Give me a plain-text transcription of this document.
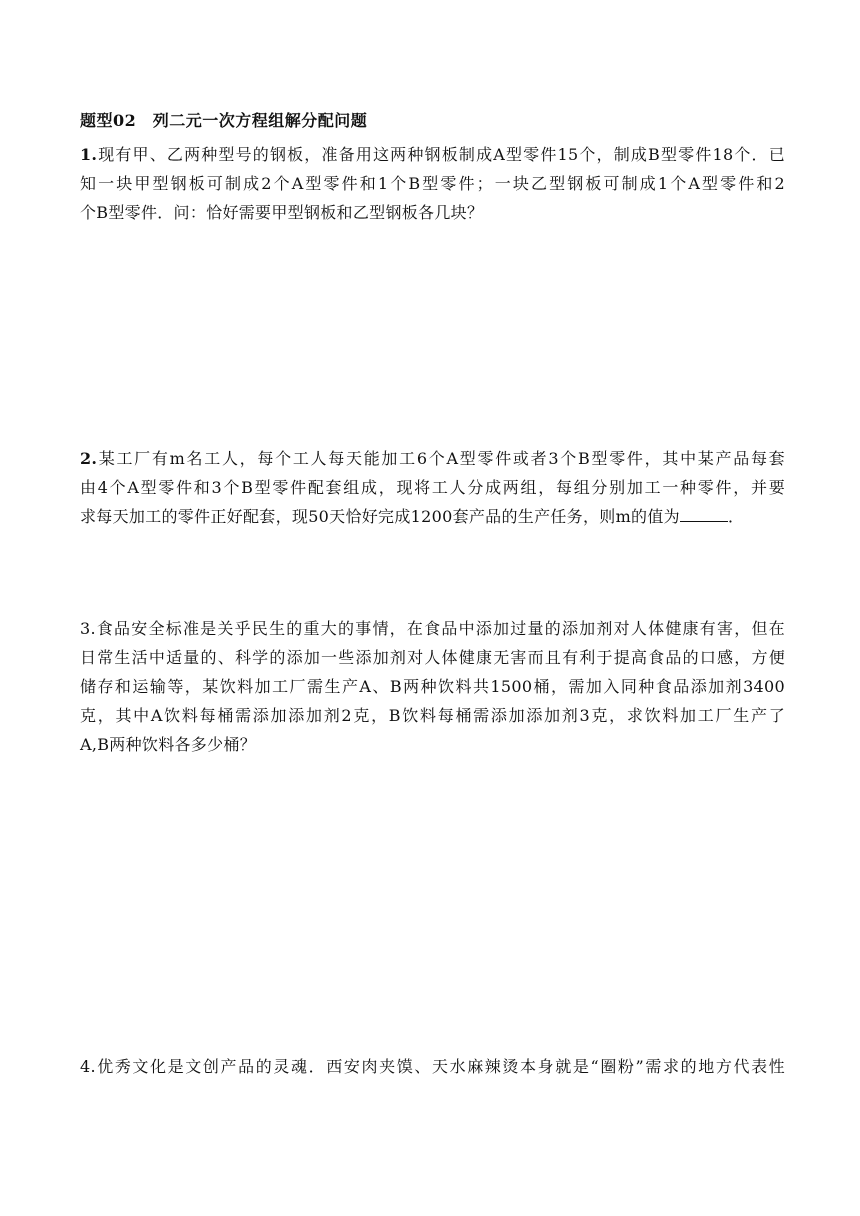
题型02　列二元一次方程组解分配问题
1.现有甲、乙两种型号的钢板，准备用这两种钢板制成A型零件15个，制成B型零件18个．已
知一块甲型钢板可制成2个A型零件和1个B型零件；一块乙型钢板可制成1个A型零件和2
个B型零件．问：恰好需要甲型钢板和乙型钢板各几块？
2.某工厂有m名工人，每个工人每天能加工6个A型零件或者3个B型零件，其中某产品每套
由4个A型零件和3个B型零件配套组成，现将工人分成两组，每组分别加工一种零件，并要
求每天加工的零件正好配套，现50天恰好完成1200套产品的生产任务，则m的值为	．
3.食品安全标准是关乎民生的重大的事情，在食品中添加过量的添加剂对人体健康有害，但在
日常生活中适量的、科学的添加一些添加剂对人体健康无害而且有利于提高食品的口感，方便
储存和运输等，某饮料加工厂需生产A、B两种饮料共1500桶，需加入同种食品添加剂3400
克，其中A饮料每桶需添加添加剂2克，B饮料每桶需添加添加剂3克，求饮料加工厂生产了
A,B两种饮料各多少桶？
4.优秀文化是文创产品的灵魂．西安肉夹馍、天水麻辣烫本身就是“圈粉”需求的地方代表性
